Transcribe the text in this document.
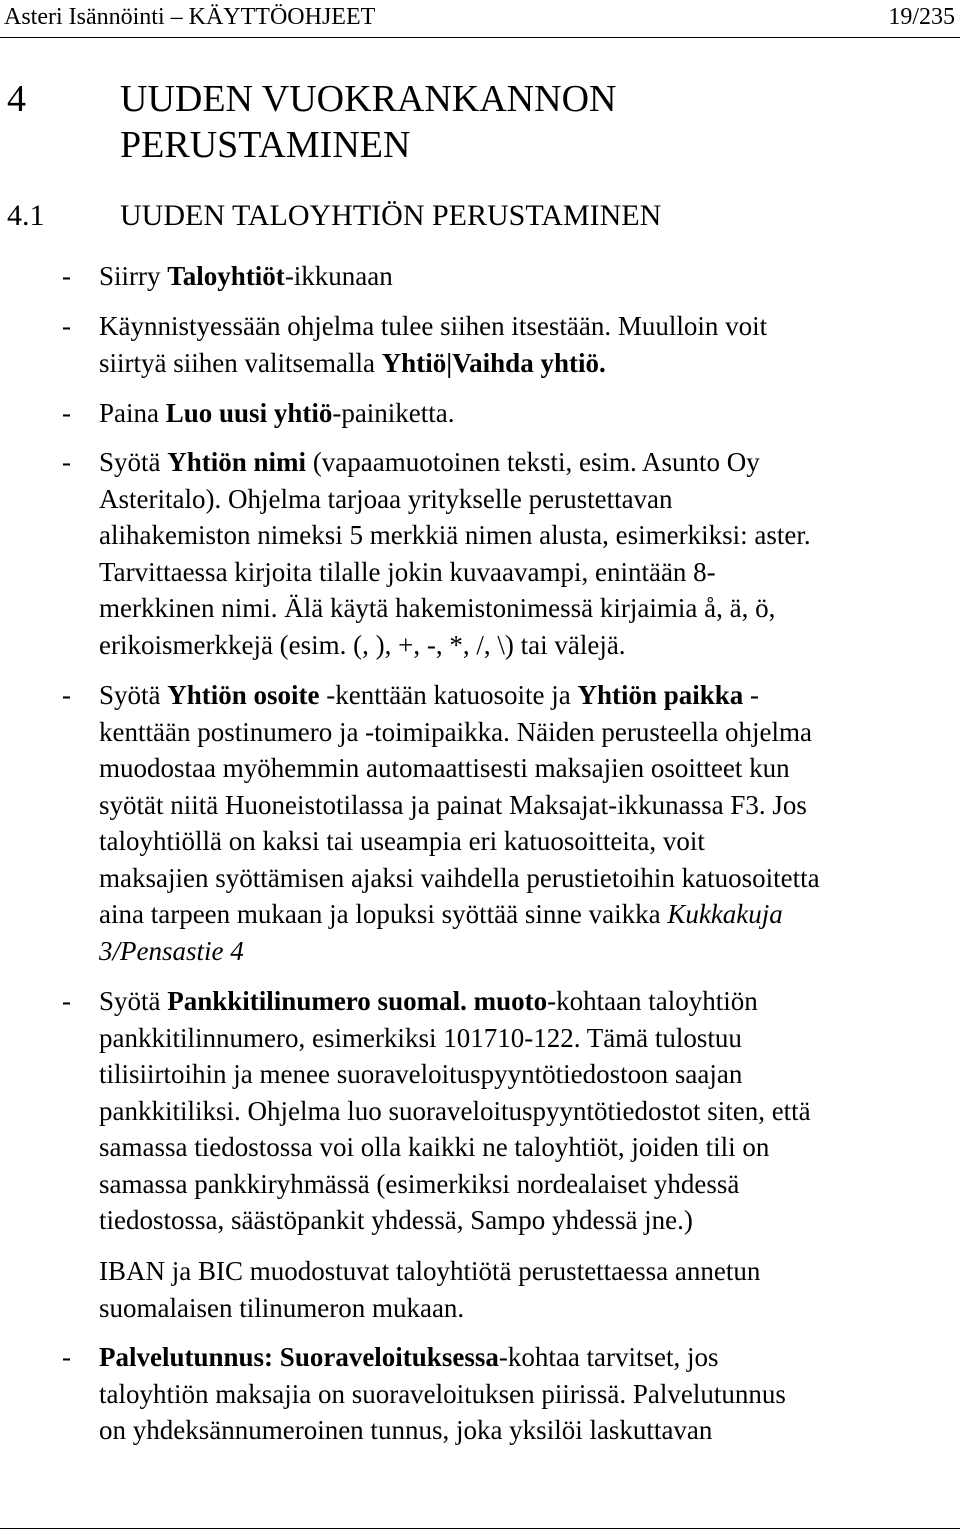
Asteri Isännöinti – KÄYTTÖOHJEET	19/235
4 UUDEN VUOKRANKANNON
PERUSTAMINEN
4.1	UUDEN TALOYHTIÖN PERUSTAMINEN
- Siirry Taloyhtiöt-ikkunaan
- Käynnistyessään ohjelma tulee siihen itsestään. Muulloin voit
siirtyä siihen valitsemalla Yhtiö|Vaihda yhtiö.
- Paina Luo uusi yhtiö-painiketta.
- Syötä Yhtiön nimi (vapaamuotoinen teksti, esim. Asunto Oy
Asteritalo). Ohjelma tarjoaa yritykselle perustettavan
alihakemiston nimeksi 5 merkkiä nimen alusta, esimerkiksi: aster.
Tarvittaessa kirjoita tilalle jokin kuvaavampi, enintään 8-
merkkinen nimi. Älä käytä hakemistonimessä kirjaimia å, ä, ö,
erikoismerkkejä (esim. (, ), +, -, *, /, \) tai välejä.
- Syötä Yhtiön osoite -kenttään katuosoite ja Yhtiön paikka -
kenttään postinumero ja -toimipaikka. Näiden perusteella ohjelma
muodostaa myöhemmin automaattisesti maksajien osoitteet kun
syötät niitä Huoneistotilassa ja painat Maksajat-ikkunassa F3. Jos
taloyhtiöllä on kaksi tai useampia eri katuosoitteita, voit
maksajien syöttämisen ajaksi vaihdella perustietoihin katuosoitetta
aina tarpeen mukaan ja lopuksi syöttää sinne vaikka Kukkakuja
3/Pensastie 4
- Syötä Pankkitilinumero suomal. muoto-kohtaan taloyhtiön
pankkitilinnumero, esimerkiksi 101710-122. Tämä tulostuu
tilisiirtoihin ja menee suoraveloituspyyntötiedostoon saajan
pankkitiliksi. Ohjelma luo suoraveloituspyyntötiedostot siten, että
samassa tiedostossa voi olla kaikki ne taloyhtiöt, joiden tili on
samassa pankkiryhmässä (esimerkiksi nordealaiset yhdessä
tiedostossa, säästöpankit yhdessä, Sampo yhdessä jne.)
IBAN ja BIC muodostuvat taloyhtiötä perustettaessa annetun
suomalaisen tilinumeron mukaan.
- Palvelutunnus: Suoraveloituksessa-kohtaa tarvitset, jos
taloyhtiön maksajia on suoraveloituksen piirissä. Palvelutunnus
on yhdeksännumeroinen tunnus, joka yksilöi laskuttavan
